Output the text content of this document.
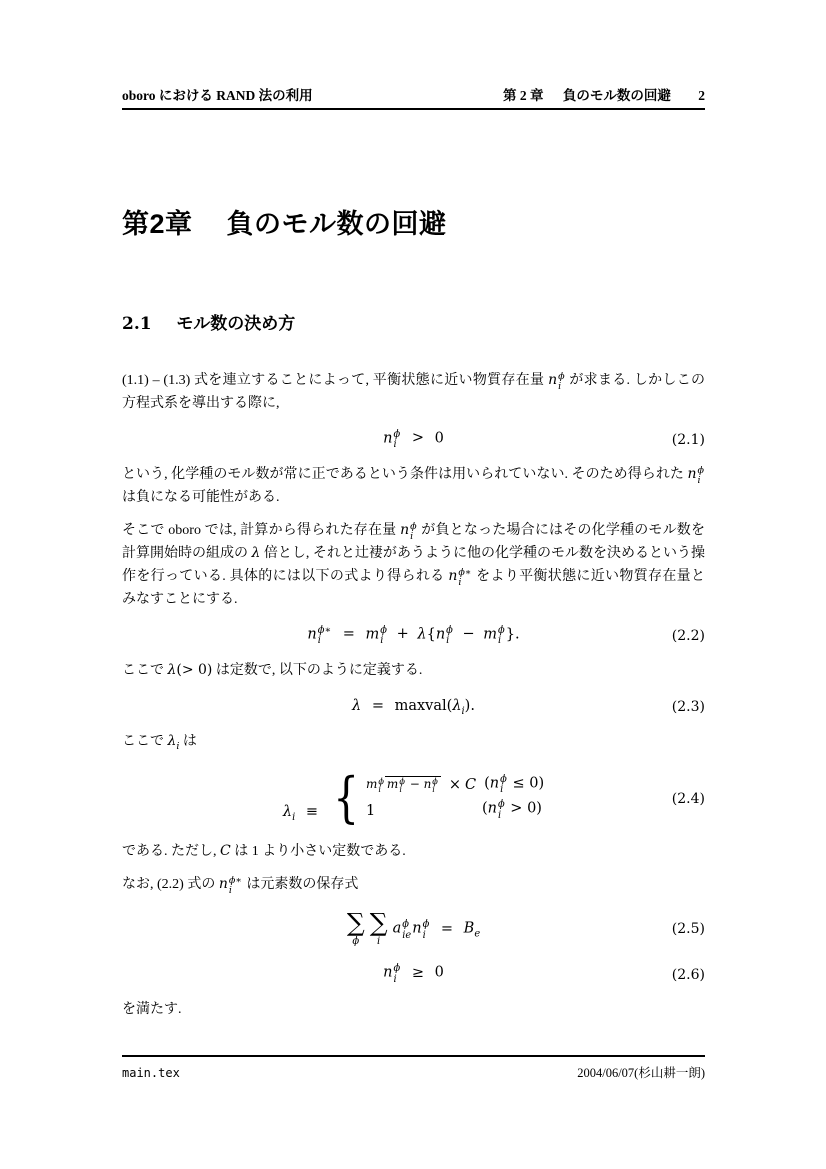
oboro における RAND 法の利用	第 2 章 負のモル数の回避 2
第2章 負のモル数の回避
2.1 モル数の決め方

(1.1) – (1.3) 式を連立することによって, 平衡状態に近い物質存在量 n ϕ
i が求まる. しかしこの方程式系を導出する際に,

n ϕ
i > 0	(2.1)

という, 化学種のモル数が常に正であるという条件は用いられていない. そのため得られた n ϕ
i
は負になる可能性がある.

そこで oboro では, 計算から得られた存在量 n ϕ
i が負となった場合にはその化学種のモル数を計算開始時の組成の λ 倍とし, それと辻褄があうように他の化学種のモル数を決めるという操作を行っている. 具体的には以下の式より得られる n ϕ∗
i をより平衡状態に近い物質存在量とみなすことにする.

n ϕ∗
i	= m ϕ
i + λ{n ϕ
i − m ϕ
i }.	(2.2)

ここで λ(> 0) は定数で, 以下のように定義する.

$\lambda = maxval(\lambda_i)$.	(2.3)

ここで $\lambda_i$ は

$\lambda_i$ ≡ { m ϕ
i m ϕ
i − n ϕ
i × C (n ϕ
i ≤ 0)
1	(n ϕ
i > 0)
(2.4)

である. ただし, C は 1 より小さい定数である.

なお, (2.2) 式の n ϕ∗
i は元素数の保存式

∑
ϕ
∑
i
a ϕ
ie n ϕ
$i = B_e$	(2.5)
n ϕ
i ≥ 0	(2.6)

を満たす.

main.tex	2004/06/07(杉山耕一朗)
